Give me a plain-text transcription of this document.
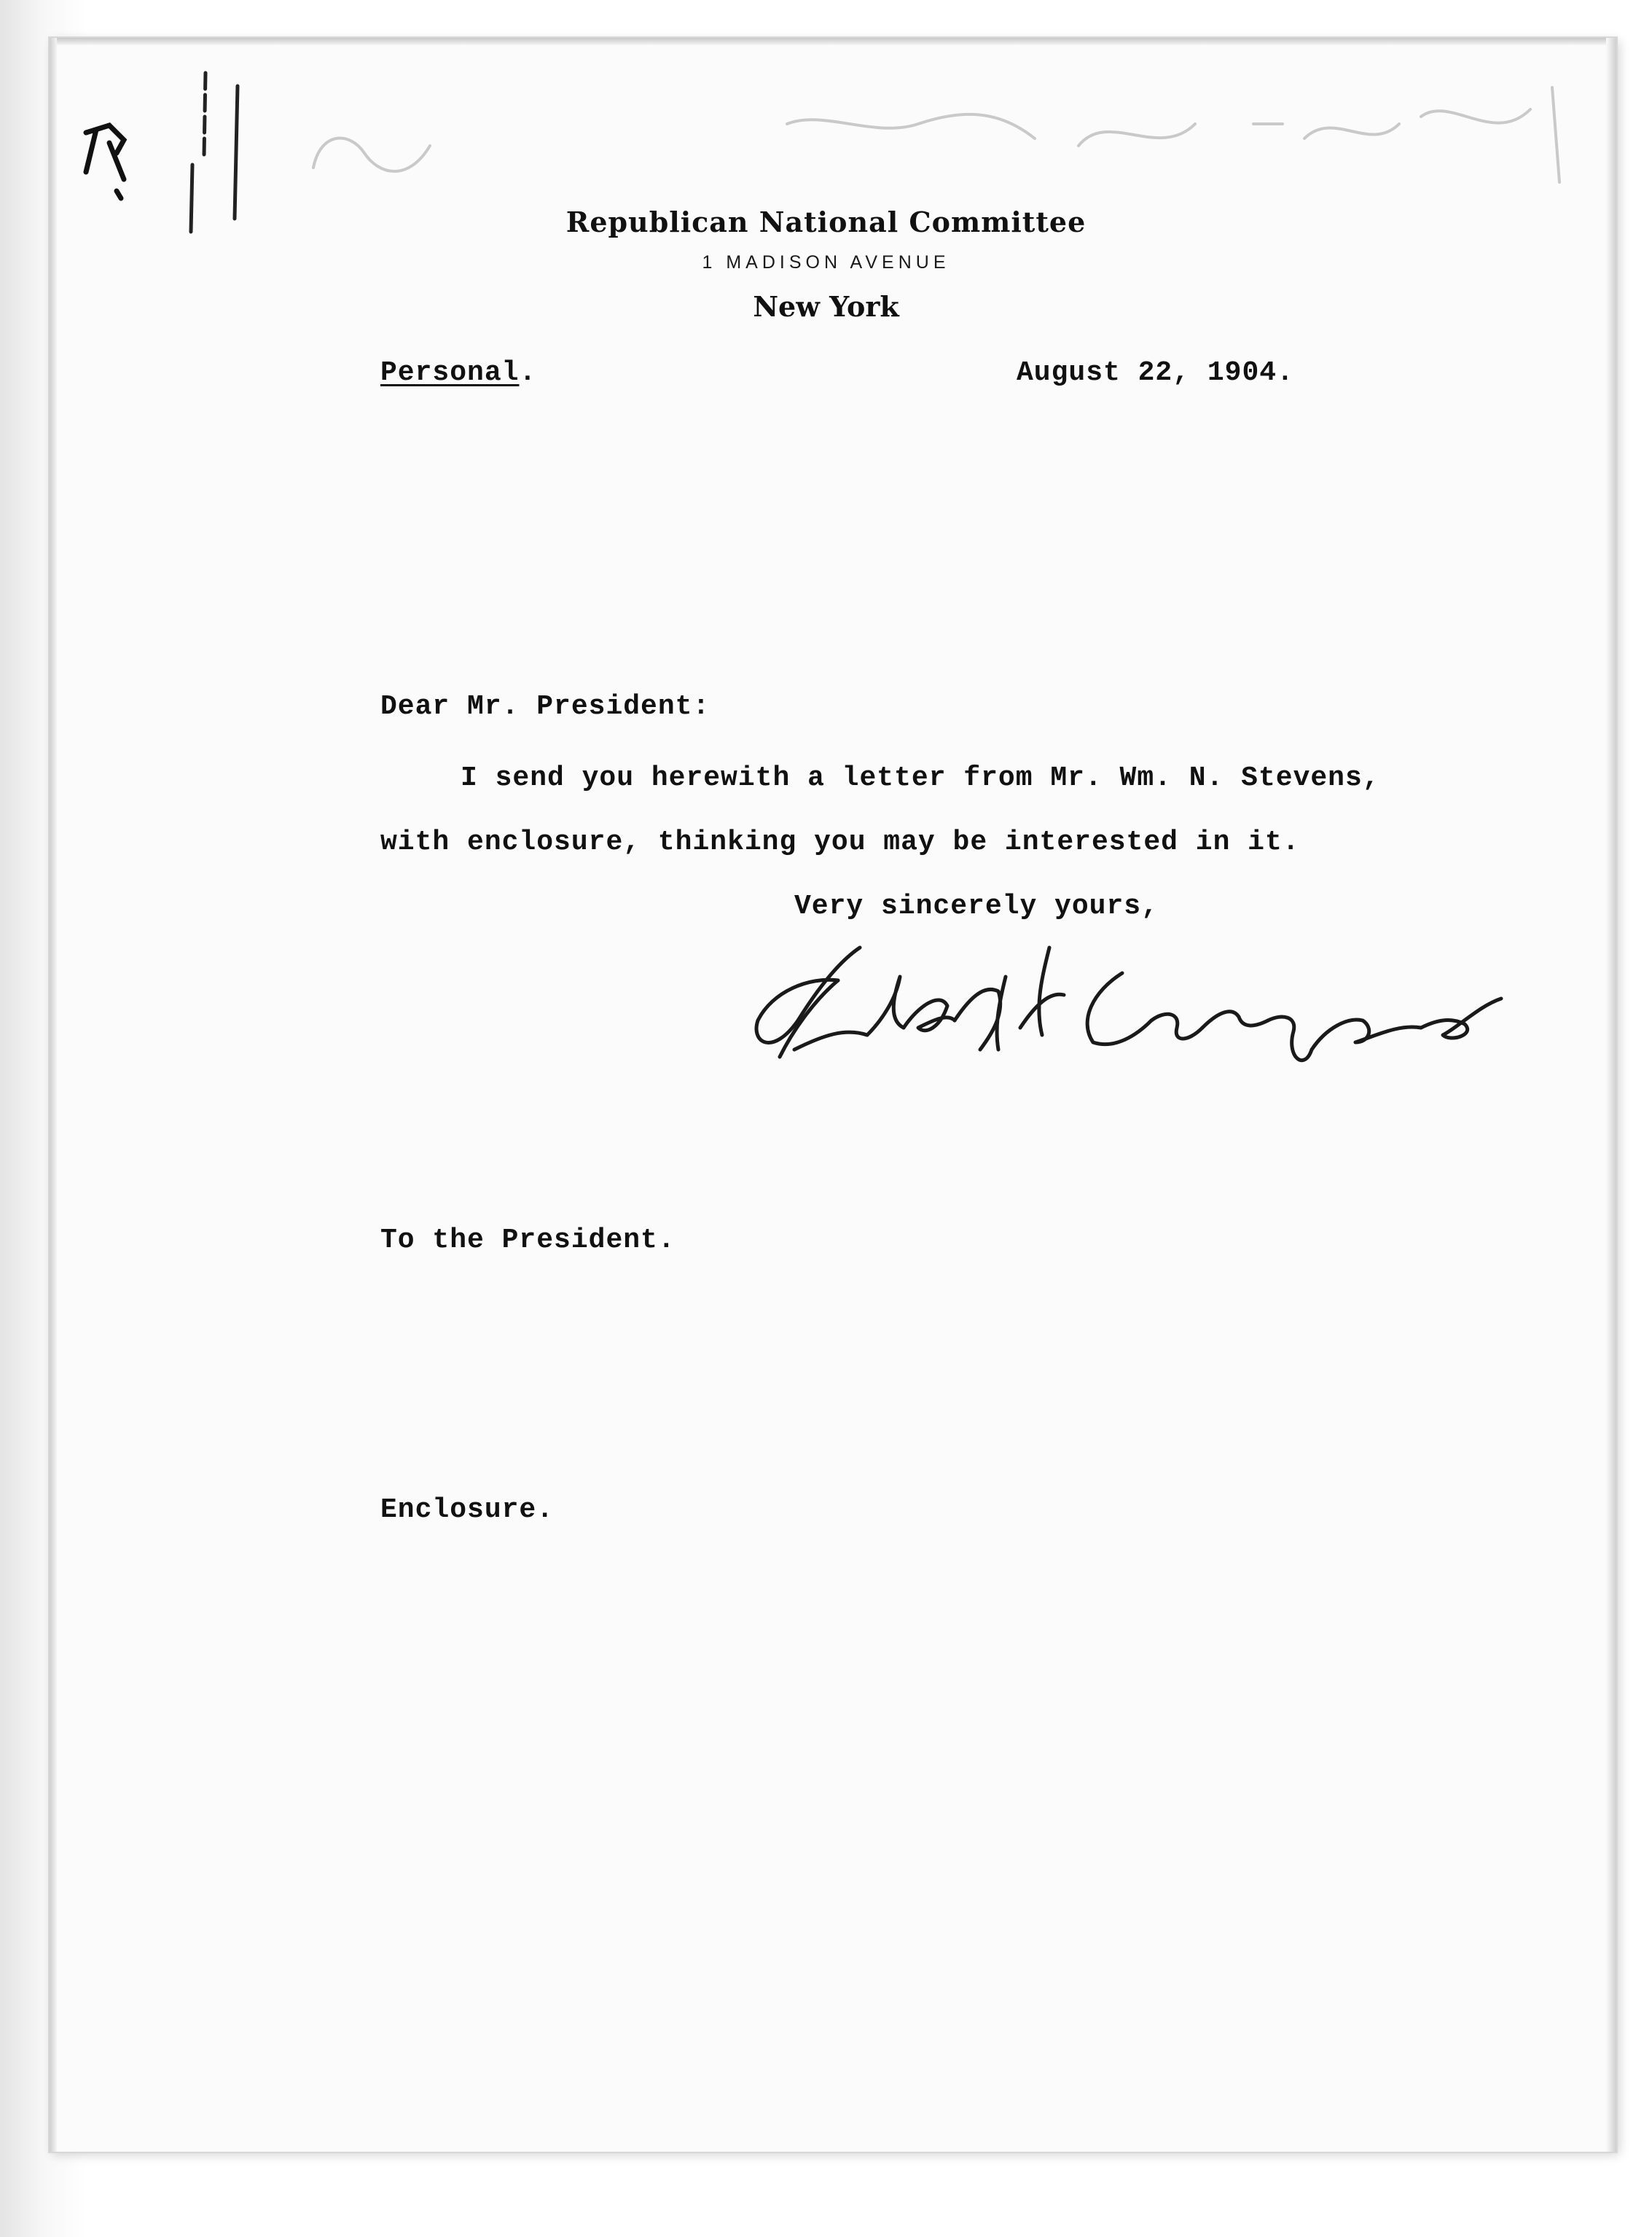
Republican National Committee
1 MADISON AVENUE
New York
Personal.	August 22, 1904.
Dear Mr. President:
I send you herewith a letter from Mr. Wm. N. Stevens,
with enclosure, thinking you may be interested in it.
Very sincerely yours,
To the President.
Enclosure.
